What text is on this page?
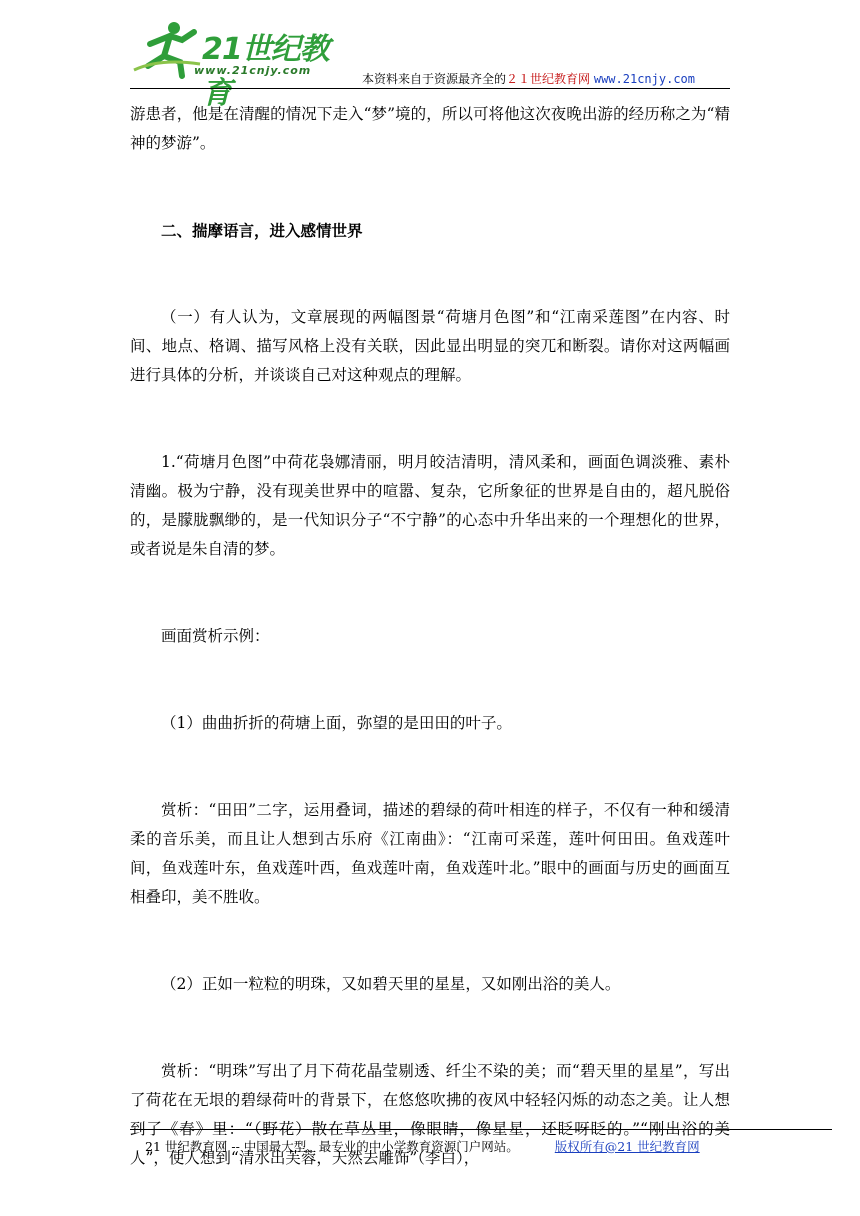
21世纪教育
www.21cnjy.com
本资料来自于资源最齐全的２１世纪教育网 www.21cnjy.com

游患者，他是在清醒的情况下走入“梦”境的，所以可将他这次夜晚出游的经历称之为“精神的梦游”。

二、揣摩语言，进入感情世界

（一）有人认为，文章展现的两幅图景“荷塘月色图”和“江南采莲图”在内容、时间、地点、格调、描写风格上没有关联，因此显出明显的突兀和断裂。请你对这两幅画进行具体的分析，并谈谈自己对这种观点的理解。

1.“荷塘月色图”中荷花袅娜清丽，明月皎洁清明，清风柔和，画面色调淡雅、素朴清幽。极为宁静，没有现美世界中的喧嚣、复杂，它所象征的世界是自由的，超凡脱俗的，是朦胧飘缈的，是一代知识分子“不宁静”的心态中升华出来的一个理想化的世界，或者说是朱自清的梦。

画面赏析示例：

（1）曲曲折折的荷塘上面，弥望的是田田的叶子。

赏析：“田田”二字，运用叠词，描述的碧绿的荷叶相连的样子，不仅有一种和缓清柔的音乐美，而且让人想到古乐府《江南曲》：“江南可采莲，莲叶何田田。鱼戏莲叶间，鱼戏莲叶东，鱼戏莲叶西，鱼戏莲叶南，鱼戏莲叶北。”眼中的画面与历史的画面互相叠印，美不胜收。

（2）正如一粒粒的明珠，又如碧天里的星星，又如刚出浴的美人。

赏析：“明珠”写出了月下荷花晶莹剔透、纤尘不染的美；而“碧天里的星星”，写出了荷花在无垠的碧绿荷叶的背景下，在悠悠吹拂的夜风中轻轻闪烁的动态之美。让人想到了《春》里：“（野花）散在草丛里，像眼睛，像星星，还眨呀眨的。”“刚出浴的美人”，使人想到“清水出芙蓉，天然去雕饰”（李白），

21 世纪教育网 -- 中国最大型、最专业的中小学教育资源门户网站。	版权所有@21 世纪教育网
